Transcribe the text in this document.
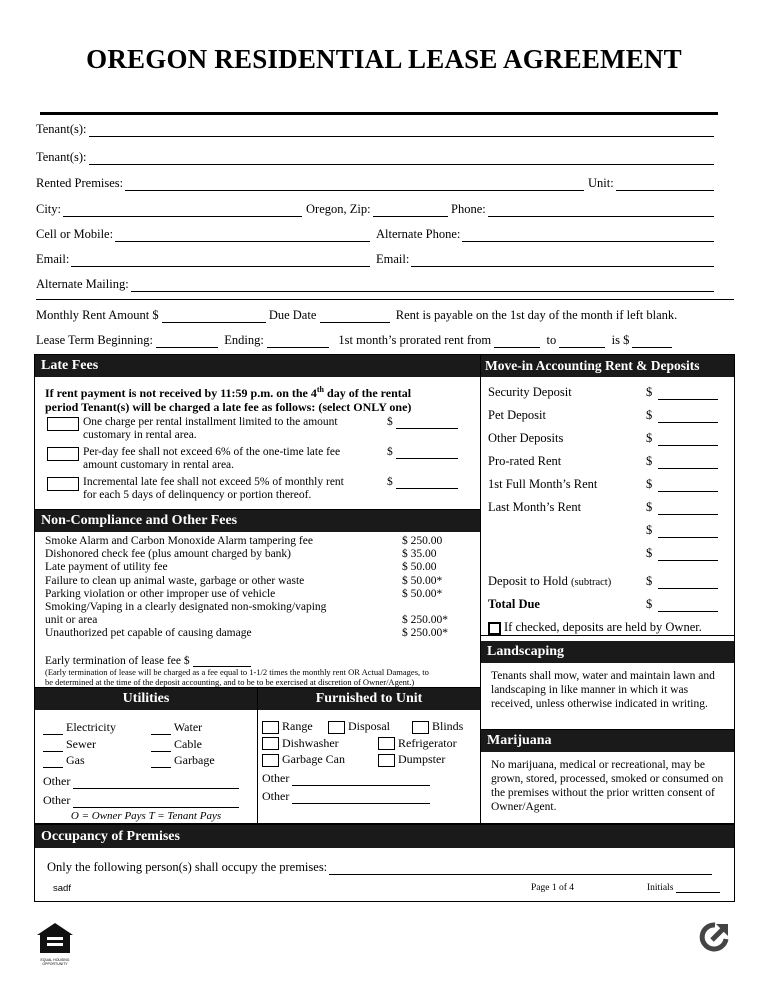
OREGON RESIDENTIAL LEASE AGREEMENT
Tenant(s):
Tenant(s):
Rented Premises:	Unit:
City:	Oregon, Zip:	Phone:
Cell or Mobile:	Alternate Phone:
Email:	Email:
Alternate Mailing:
Monthly Rent Amount $	Due Date	Rent is payable on the 1st day of the month if left blank.
Lease Term Beginning:	Ending:	1st month’s prorated rent from	to	is $
Late Fees
If rent payment is not received by 11:59 p.m. on the 4th day of the rental
period Tenant(s) will be charged a late fee as follows: (select ONLY one)
One charge per rental installment limited to the amount
customary in rental area.
$
Per-day fee shall not exceed 6% of the one-time late fee
amount customary in rental area.
$
Incremental late fee shall not exceed 5% of monthly rent
for each 5 days of delinquency or portion thereof.
$
Non-Compliance and Other Fees
Smoke Alarm and Carbon Monoxide Alarm tampering fee	$ 250.00
Dishonored check fee (plus amount charged by bank)	$ 35.00
Late payment of utility fee	$ 50.00
Failure to clean up animal waste, garbage or other waste	$ 50.00*
Parking violation or other improper use of vehicle	$ 50.00*
Smoking/Vaping in a clearly designated non-smoking/vaping
unit or area	$ 250.00*
Unauthorized pet capable of causing damage	$ 250.00*
Early termination of lease fee $
(Early termination of lease will be charged as a fee equal to 1-1/2 times the monthly rent OR Actual Damages, to
be determined at the time of the deposit accounting, and to be to be exercised at discretion of Owner/Agent.)
Utilities
Electricity
Sewer
Gas
Water
Cable
Garbage
Other
Other
O = Owner Pays T = Tenant Pays
Furnished to Unit
Range
Dishwasher
Garbage Can
Disposal
Refrigerator
Dumpster
Blinds
Other
Other
Move-in Accounting Rent & Deposits
Security Deposit	$
Pet Deposit	$
Other Deposits	$
Pro-rated Rent	$
1st Full Month’s Rent	$
Last Month’s Rent	$
$
$
Deposit to Hold (subtract)	$
Total Due	$
If checked, deposits are held by Owner.
Landscaping
Tenants shall mow, water and maintain lawn and landscaping in like manner in which it was received, unless otherwise indicated in writing.
Marijuana
No marijuana, medical or recreational, may be grown, stored, processed, smoked or consumed on the premises without the prior written consent of Owner/Agent.
Occupancy of Premises
Only the following person(s) shall occupy the premises:
sadf	Page 1 of 4	Initials
EQUAL HOUSING OPPORTUNITY
